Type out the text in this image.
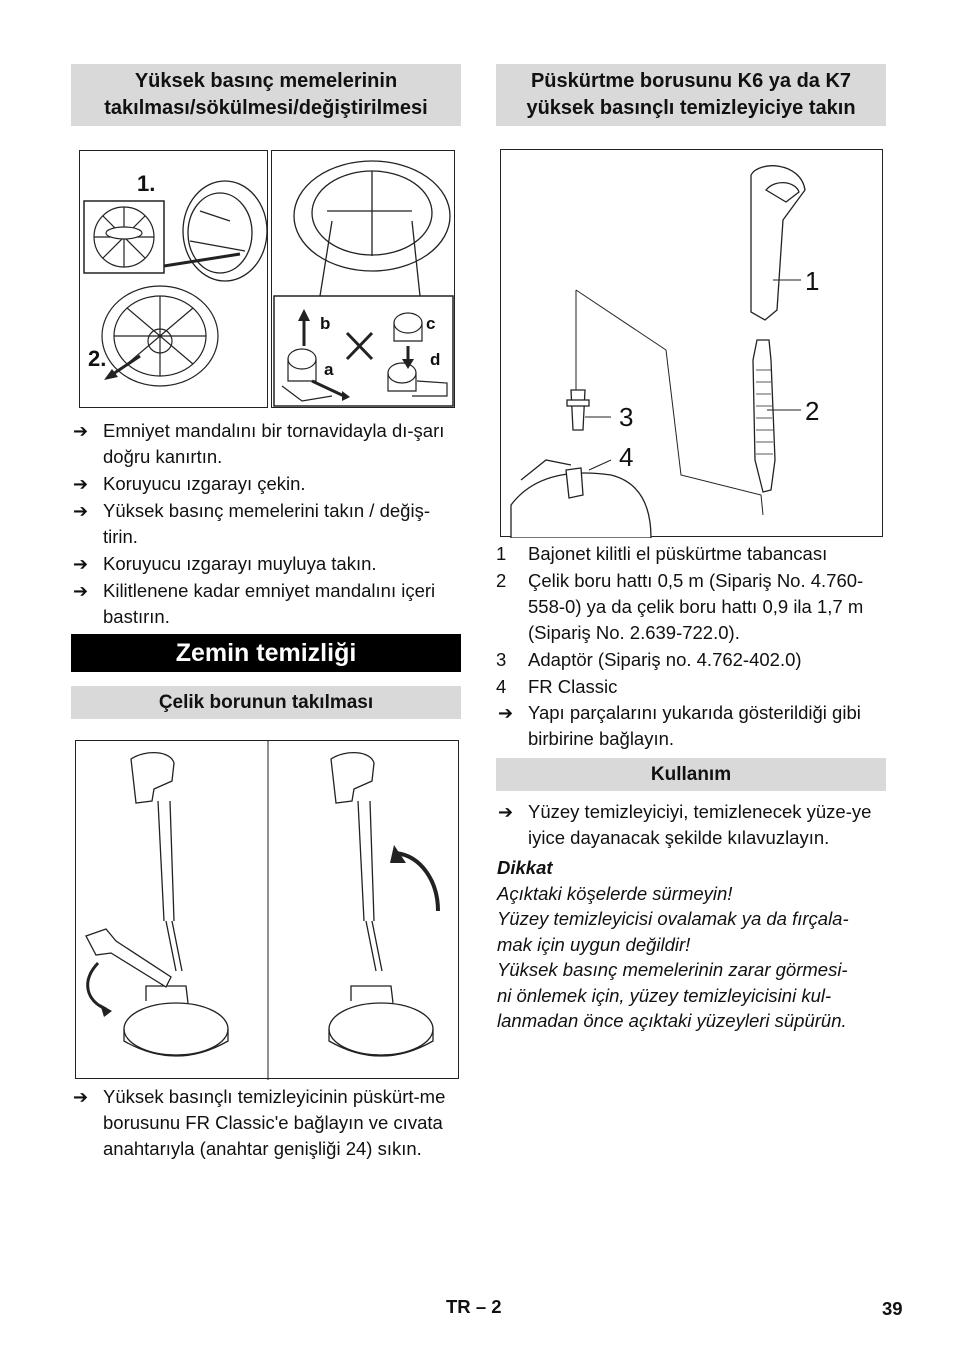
Yüksek basınç memelerinin
takılması/sökülmesi/değiştirilmesi
1.
2.
b
a
c
d
➔ Emniyet mandalını bir tornavidayla dı-şarı doğru kanırtın.
➔ Koruyucu ızgarayı çekin.
➔ Yüksek basınç memelerini takın / değiş-tirin.
➔ Koruyucu ızgarayı muyluya takın.
➔ Kilitlenene kadar emniyet mandalını içeri bastırın.
Zemin temizliği
Çelik borunun takılması
➔ Yüksek basınçlı temizleyicinin püskürt-me borusunu FR Classic'e bağlayın ve cıvata anahtarıyla (anahtar genişliği 24) sıkın.
Püskürtme borusunu K6 ya da K7
yüksek basınçlı temizleyiciye takın
1
2
3
4
1 Bajonet kilitli el püskürtme tabancası
2 Çelik boru hattı 0,5 m (Sipariş No. 4.760-558-0) ya da çelik boru hattı 0,9 ila 1,7 m (Sipariş No. 2.639-722.0).
3 Adaptör (Sipariş no. 4.762-402.0)
4 FR Classic
➔ Yapı parçalarını yukarıda gösterildiği gibi birbirine bağlayın.
Kullanım
➔ Yüzey temizleyiciyi, temizlenecek yüze-ye iyice dayanacak şekilde kılavuzlayın.
Dikkat
Açıktaki köşelerde sürmeyin!
Yüzey temizleyicisi ovalamak ya da fırçala-
mak için uygun değildir!
Yüksek basınç memelerinin zarar görmesi-
ni önlemek için, yüzey temizleyicisini kul-
lanmadan önce açıktaki yüzeyleri süpürün.
TR – 2	39
